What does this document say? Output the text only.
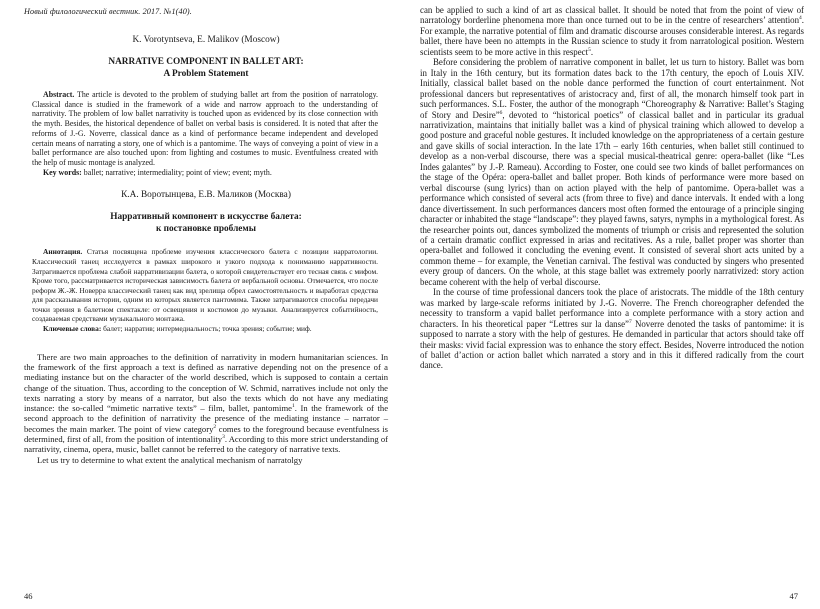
Новый филологический вестник. 2017. №1(40).
K. Vorotyntseva, E. Malikov (Moscow)
NARRATIVE COMPONENT IN BALLET ART:
A Problem Statement

Abstract. The article is devoted to the problem of studying ballet art from the position of narratology. Classical dance is studied in the framework of a wide and narrow approach to the understanding of narrativity. The problem of low ballet narrativity is touched upon as evidenced by its close connection with the myth. Besides, the historical dependence of ballet on verbal basis is considered. It is noted that after the reforms of J.-G. Noverre, classical dance as a kind of performance became independent and developed certain means of narrating a story, one of which is a pantomime. The ways of conveying a point of view in a ballet performance are also touched upon: from lighting and costumes to music. Eventfulness created with the help of music montage is analyzed.

Key words: ballet; narrative; intermediality; point of view; event; myth.

К.А. Воротынцева, Е.В. Маликов (Москва)
Нарративный компонент в искусстве балета:
к постановке проблемы

Аннотация. Статья посвящена проблеме изучения классического балета с позиции нарратологии. Классический танец исследуется в рамках широкого и узкого подхода к пониманию нарративности. Затрагивается проблема слабой нарративизации балета, о которой свидетельствует его тесная связь с мифом. Кроме того, рассматривается историческая зависимость балета от вербальной основы. Отмечается, что после реформ Ж.-Ж. Новерра классический танец как вид зрелища обрел самостоятельность и выработал средства для рассказывания истории, одним из которых является пантомима. Также затрагиваются способы передачи точки зрения в балетном спектакле: от освещения и костюмов до музыки. Анализируется событийность, создаваемая средствами музыкального монтажа.

Ключевые слова: балет; нарратив; интермедиальность; точка зрения; событие; миф.

There are two main approaches to the definition of narrativity in modern humanitarian sciences. In the framework of the first approach a text is defined as narrative depending not on the presence of a mediating instance but on the character of the world described, which is supposed to contain a certain change of the situation. Thus, according to the conception of W. Schmid, narratives include not only the texts narrating a story by means of a narrator, but also the texts which do not have any mediating instance: the so-called “mimetic narrative texts” – film, ballet, pantomime$^1$. In the framework of the second approach to the definition of narrativity the presence of the mediating instance – narrator – becomes the main marker. The point of view category$^2$ comes to the foreground because eventfulness is determined, first of all, from the position of intentionality$^3$. According to this more strict understanding of narrativity, cinema, opera, music, ballet cannot be referred to the category of narrative texts.

Let us try to determine to what extent the analytical mechanism of narratolgy

46

can be applied to such a kind of art as classical ballet. It should be noted that from the point of view of narratology borderline phenomena more than once turned out to be in the centre of researchers’ attention$^4$. For example, the narrative potential of film and dramatic discourse arouses considerable interest. As regards ballet, there have been no attempts in the Russian science to study it from narratological position. Western scientists seem to be more active in this respect$^5$.

Before considering the problem of narrative component in ballet, let us turn to history. Ballet was born in Italy in the 16th century, but its formation dates back to the 17th century, the epoch of Louis XIV. Initially, classical ballet based on the noble dance performed the function of court entertainment. Not professional dancers but representatives of aristocracy and, first of all, the monarch himself took part in such performances. S.L. Foster, the author of the monograph “Choreography & Narrative: Ballet’s Staging of Story and Desire”$^6$, devoted to “historical poetics” of classical ballet and in particular its gradual narrativization, maintains that initially ballet was a kind of physical training which allowed to develop a good posture and graceful noble gestures. It included knowledge on the appropriateness of a certain gesture and gave skills of social interaction. In the late 17th – early 16th centuries, when ballet still continued to develop as a non-verbal discourse, there was a special musical-theatrical genre: opera-ballet (like “Les Indes galantes” by J.-P. Rameau). According to Foster, one could see two kinds of ballet performances on the stage of the Opéra: opera-ballet and ballet proper. Both kinds of performance were more based on verbal discourse (sung lyrics) than on action played with the help of pantomime. Opera-ballet was a performance which consisted of several acts (from three to five) and dance intervals. It ended with a long dance divertissement. In such performances dancers most often formed the entourage of a principle singing character or inhabited the stage “landscape”: they played fawns, satyrs, nymphs in a mythological forest. As the researcher points out, dances symbolized the moments of triumph or crisis and represented the solution of a certain dramatic conflict expressed in arias and recitatives. As a rule, ballet proper was shorter than opera-ballet and followed it concluding the evening event. It consisted of several short acts united by a common theme – for example, the Venetian carnival. The festival was conducted by singers who presented every group of dancers. On the whole, at this stage ballet was extremely poorly narrativized: story action became coherent with the help of verbal discourse.

In the course of time professional dancers took the place of aristocrats. The middle of the 18th century was marked by large-scale reforms initiated by J.-G. Noverre. The French choreographer defended the necessity to transform a vapid ballet performance into a complete performance with a story action and characters. In his theoretical paper “Lettres sur la danse”$^7$ Noverre denoted the tasks of pantomime: it is supposed to narrate a story with the help of gestures. He demanded in particular that actors should take off their masks: vivid facial expression was to enhance the story effect. Besides, Noverre introduced the notion of ballet d’action or action ballet which narrated a story and in this it differed radically from the court dance.

47
